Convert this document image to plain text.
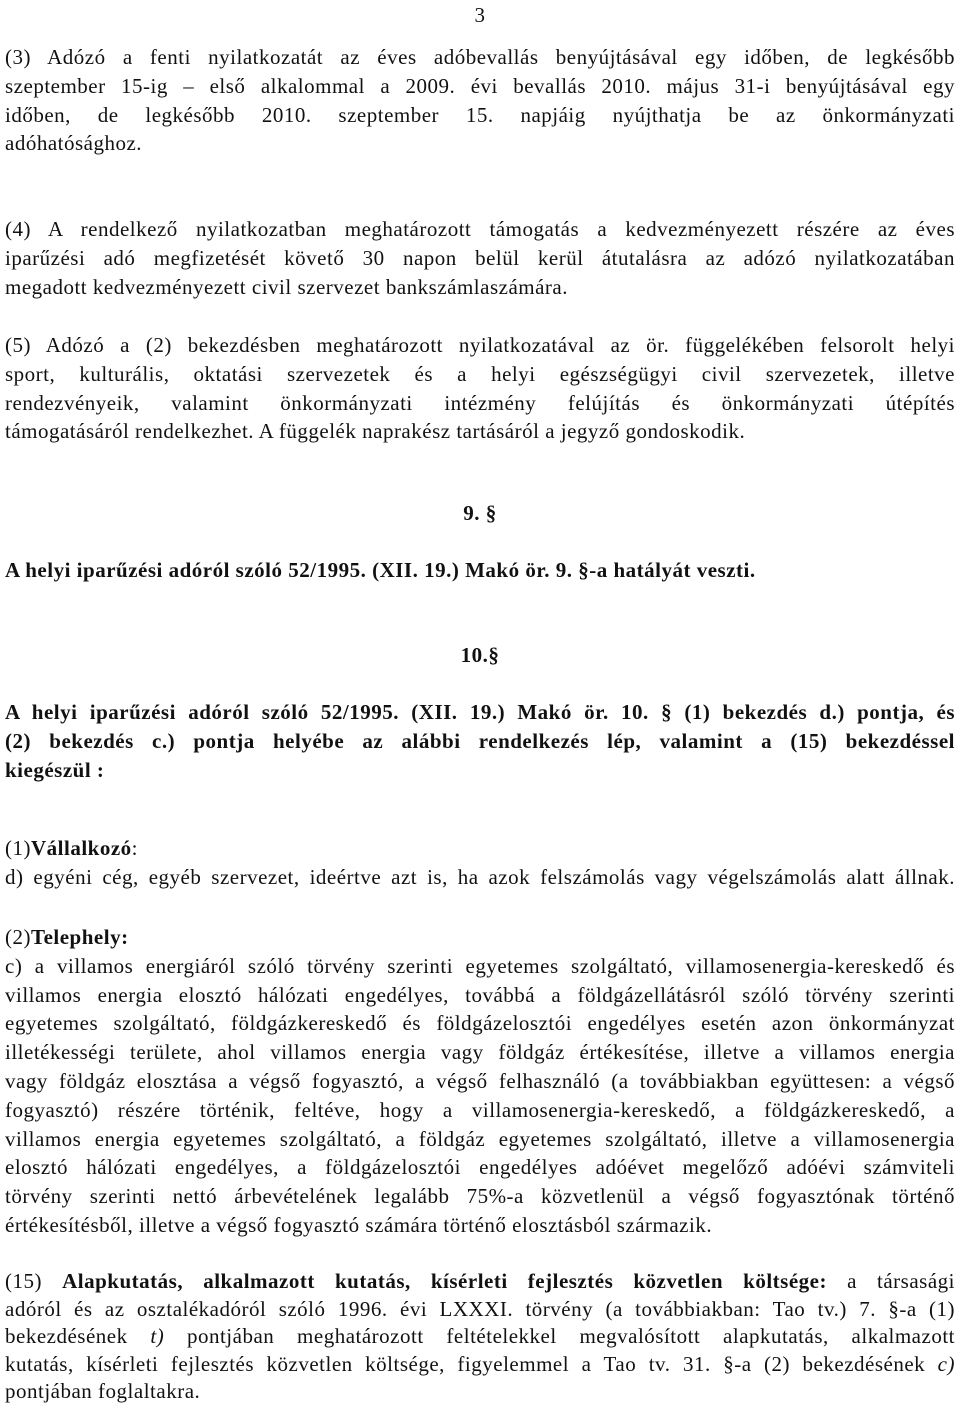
3
(3) Adózó a fenti nyilatkozatát az éves adóbevallás benyújtásával egy időben, de legkésőbb
szeptember 15-ig – első alkalommal a 2009. évi bevallás 2010. május 31-i benyújtásával egy
időben, de legkésőbb 2010. szeptember 15. napjáig nyújthatja be az önkormányzati
adóhatósághoz.
(4) A rendelkező nyilatkozatban meghatározott támogatás a kedvezményezett részére az éves
iparűzési adó megfizetését követő 30 napon belül kerül átutalásra az adózó nyilatkozatában
megadott kedvezményezett civil szervezet bankszámlaszámára.
(5) Adózó a (2) bekezdésben meghatározott nyilatkozatával az ör. függelékében felsorolt helyi
sport, kulturális, oktatási szervezetek és a helyi egészségügyi civil szervezetek, illetve
rendezvényeik, valamint önkormányzati intézmény felújítás és önkormányzati útépítés
támogatásáról rendelkezhet. A függelék naprakész tartásáról a jegyző gondoskodik.
9. §
A helyi iparűzési adóról szóló 52/1995. (XII. 19.) Makó ör. 9. §-a hatályát veszti.
10.§
A helyi iparűzési adóról szóló 52/1995. (XII. 19.) Makó ör. 10. § (1) bekezdés d.) pontja, és
(2) bekezdés c.) pontja helyébe az alábbi rendelkezés lép, valamint a (15) bekezdéssel
kiegészül :
(1)Vállalkozó:
d) egyéni cég, egyéb szervezet, ideértve azt is, ha azok felszámolás vagy végelszámolás alatt állnak.
(2)Telephely:
c) a villamos energiáról szóló törvény szerinti egyetemes szolgáltató, villamosenergia-kereskedő és
villamos energia elosztó hálózati engedélyes, továbbá a földgázellátásról szóló törvény szerinti
egyetemes szolgáltató, földgázkereskedő és földgázelosztói engedélyes esetén azon önkormányzat
illetékességi területe, ahol villamos energia vagy földgáz értékesítése, illetve a villamos energia
vagy földgáz elosztása a végső fogyasztó, a végső felhasználó (a továbbiakban együttesen: a végső
fogyasztó) részére történik, feltéve, hogy a villamosenergia-kereskedő, a földgázkereskedő, a
villamos energia egyetemes szolgáltató, a földgáz egyetemes szolgáltató, illetve a villamosenergia
elosztó hálózati engedélyes, a földgázelosztói engedélyes adóévet megelőző adóévi számviteli
törvény szerinti nettó árbevételének legalább 75%-a közvetlenül a végső fogyasztónak történő
értékesítésből, illetve a végső fogyasztó számára történő elosztásból származik.
(15) Alapkutatás, alkalmazott kutatás, kísérleti fejlesztés közvetlen költsége: a társasági
adóról és az osztalékadóról szóló 1996. évi LXXXI. törvény (a továbbiakban: Tao tv.) 7. §-a (1)
bekezdésének t) pontjában meghatározott feltételekkel megvalósított alapkutatás, alkalmazott
kutatás, kísérleti fejlesztés közvetlen költsége, figyelemmel a Tao tv. 31. §-a (2) bekezdésének c)
pontjában foglaltakra.
